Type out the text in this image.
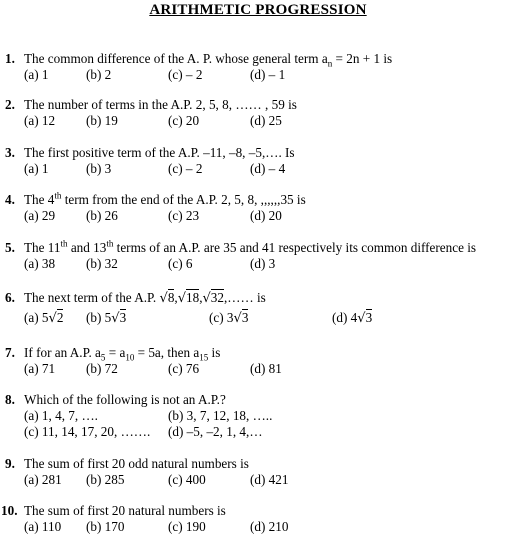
ARITHMETIC PROGRESSION
1. The common difference of the A. P. whose general term $a_n = 2n + 1$ is
(a) 1	(b) 2	(c) – 2	(d) – 1
2. The number of terms in the A.P. 2, 5, 8, …… , 59 is
(a) 12 (b) 19	(c) 20	(d) 25
3. The first positive term of the A.P. –11, –8, –5,…. Is
(a) 1	(b) 3	(c) – 2	(d) – 4
4. The 4th term from the end of the A.P. 2, 5, 8, ,,,,,,35 is
(a) 29 (b) 26	(c) 23	(d) 20
5. The 11th and 13th terms of an A.P. are 35 and 41 respectively its common difference is
(a) 38 (b) 32	(c) 6	(d) 3
6. The next term of the A.P. √8,√18,√32,…… is
(a) 5√2 (b) 5√3	(c) 3√3	(d) 4√3
7. If for an A.P. $a_5 = a_{10} = 5a$, then $a_{15}$ is
(a) 71 (b) 72	(c) 76	(d) 81
8. Which of the following is not an A.P.?
(a) 1, 4, 7, ….	(b) 3, 7, 12, 18, …..
(c) 11, 14, 17, 20, ……. (d) –5, –2, 1, 4,…
9. The sum of first 20 odd natural numbers is
(a) 281 (b) 285	(c) 400	(d) 421
10. The sum of first 20 natural numbers is
(a) 110 (b) 170	(c) 190	(d) 210
